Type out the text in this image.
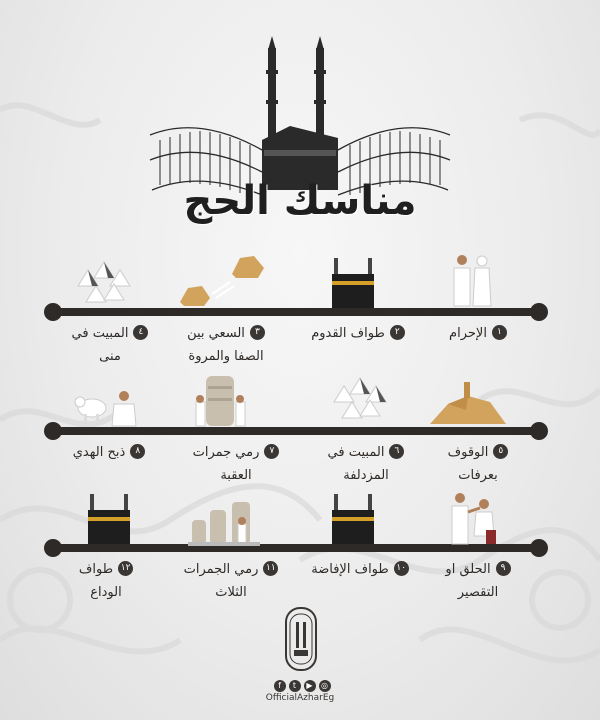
مناسك الحج
١الإحرام
٢طواف القدوم
٣السعي بين الصفا والمروة
٤المبيت في منى
٥الوقوف بعرفات
٦المبيت في المزدلفة
٧رمي جمرات العقبة
٨ذبح الهدي
٩الحلق او التقصير
١٠طواف الإفاضة
١١رمي الجمرات الثلاث
١٢طواف الوداع
f	t	▶	◎
OfficialAzharEg
